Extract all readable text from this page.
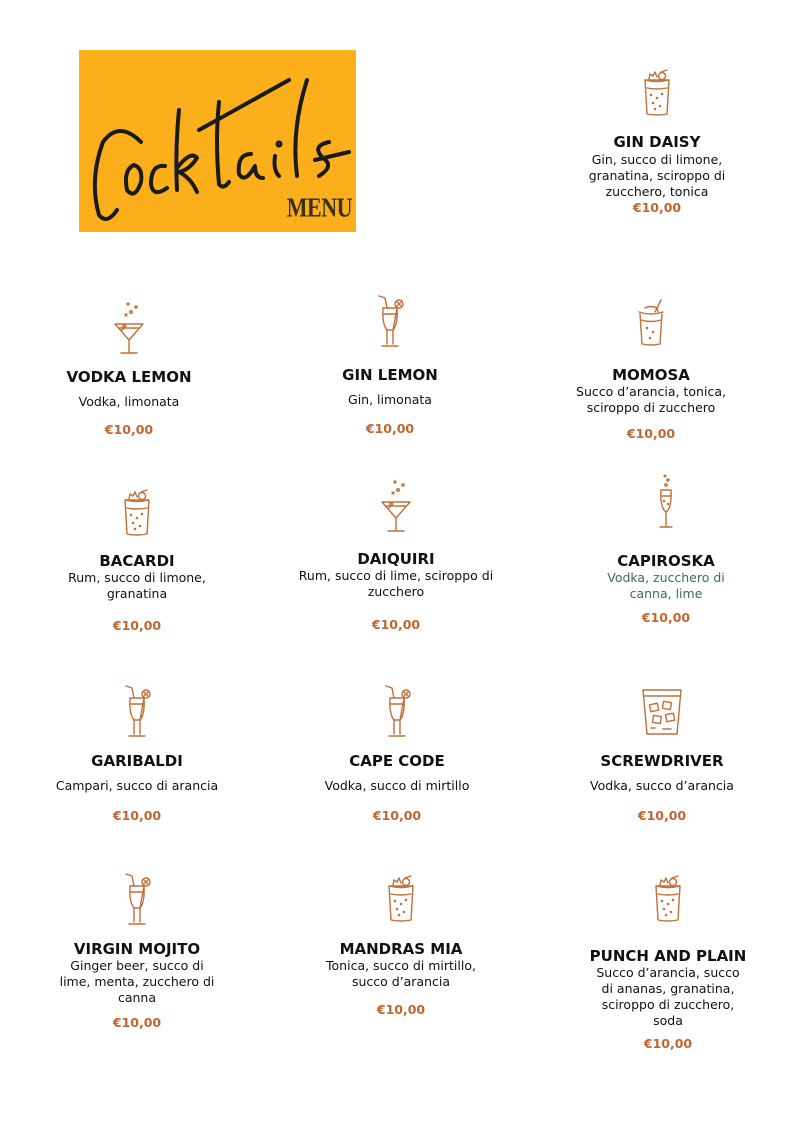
MENU
GIN DAISY
Gin, succo di limone, granatina, sciroppo di zucchero, tonica
€10,00
VODKA LEMON
Vodka, limonata
€10,00
GIN LEMON
Gin, limonata
€10,00
MOMOSA
Succo d’arancia, tonica, sciroppo di zucchero
€10,00
BACARDI
Rum, succo di limone, granatina
€10,00
DAIQUIRI
Rum, succo di lime, sciroppo di zucchero
€10,00
CAPIROSKA
Vodka, zucchero di canna, lime
€10,00
GARIBALDI
Campari, succo di arancia
€10,00
CAPE CODE
Vodka, succo di mirtillo
€10,00
SCREWDRIVER
Vodka, succo d’arancia
€10,00
VIRGIN MOJITO
Ginger beer, succo di lime, menta, zucchero di canna
€10,00
MANDRAS MIA
Tonica, succo di mirtillo, succo d’arancia
€10,00
PUNCH AND PLAIN
Succo d’arancia, succo di ananas, granatina, sciroppo di zucchero, soda
€10,00
